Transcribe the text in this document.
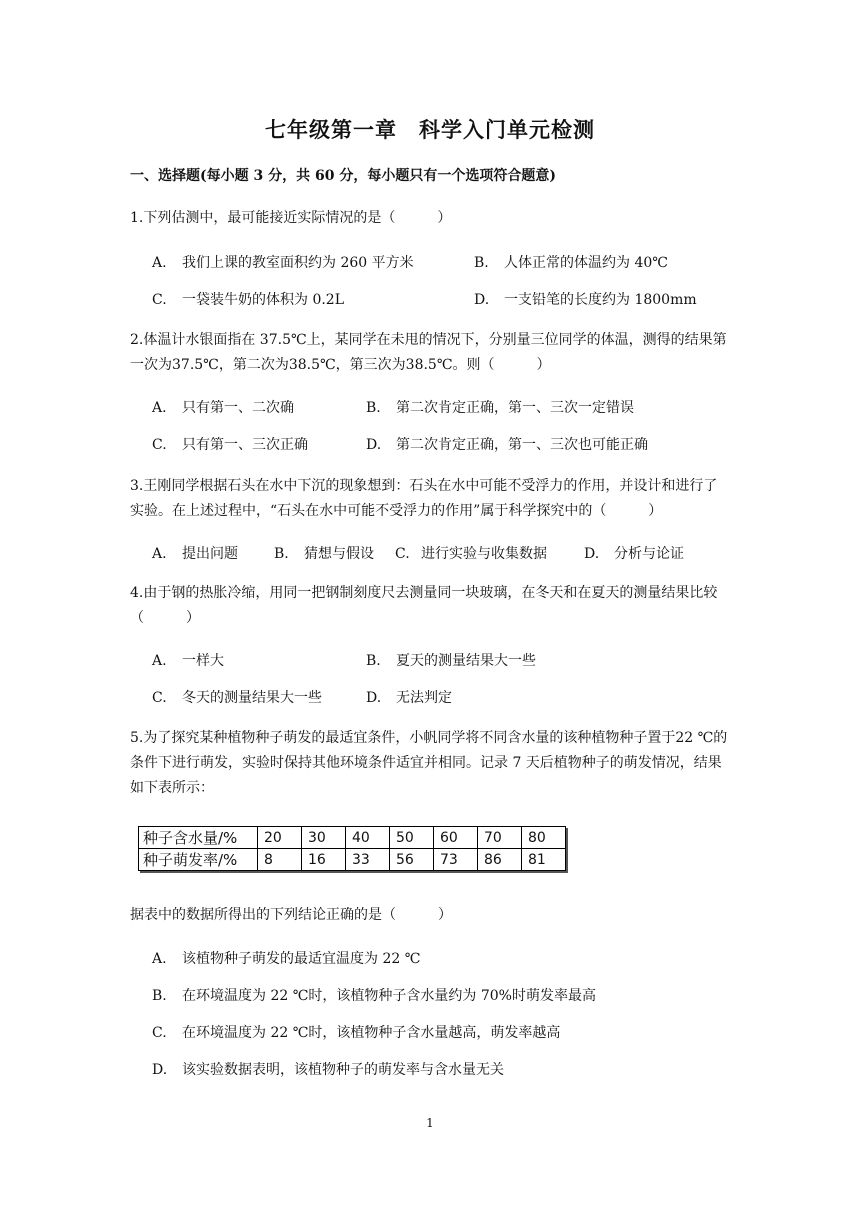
七年级第一章　科学入门单元检测
一、选择题(每小题 3 分，共 60 分，每小题只有一个选项符合题意)
1.下列估测中，最可能接近实际情况的是（　　　）
A. 我们上课的教室面积约为 260 平方米	B. 人体正常的体温约为 40℃
C. 一袋装牛奶的体积为 0.2L	D. 一支铅笔的长度约为 1800mm
2.体温计水银面指在 37.5℃上，某同学在未甩的情况下，分别量三位同学的体温，测得的结果第一次为37.5℃，第二次为38.5℃，第三次为38.5℃。则（　　　）
A. 只有第一、二次确	B. 第二次肯定正确，第一、三次一定错误
C. 只有第一、三次正确	D. 第二次肯定正确，第一、三次也可能正确
3.王刚同学根据石头在水中下沉的现象想到：石头在水中可能不受浮力的作用，并设计和进行了实验。在上述过程中，“石头在水中可能不受浮力的作用”属于科学探究中的（　　　）
A. 提出问题	B. 猜想与假设 C. 进行实验与收集数据	D. 分析与论证
4.由于钢的热胀冷缩，用同一把钢制刻度尺去测量同一块玻璃，在冬天和在夏天的测量结果比较（　　　）
A. 一样大	B. 夏天的测量结果大一些
C. 冬天的测量结果大一些	D. 无法判定
5.为了探究某种植物种子萌发的最适宜条件，小帆同学将不同含水量的该种植物种子置于22 ℃的条件下进行萌发，实验时保持其他环境条件适宜并相同。记录 7 天后植物种子的萌发情况，结果如下表所示：
种子含水量/%	20	30	40	50	60	70	80
种子萌发率/%	8	16	33	56	73	86	81
据表中的数据所得出的下列结论正确的是（　　　）
A. 该植物种子萌发的最适宜温度为 22 ℃
B. 在环境温度为 22 ℃时，该植物种子含水量约为 70%时萌发率最高
C. 在环境温度为 22 ℃时，该植物种子含水量越高，萌发率越高
D. 该实验数据表明，该植物种子的萌发率与含水量无关
1
